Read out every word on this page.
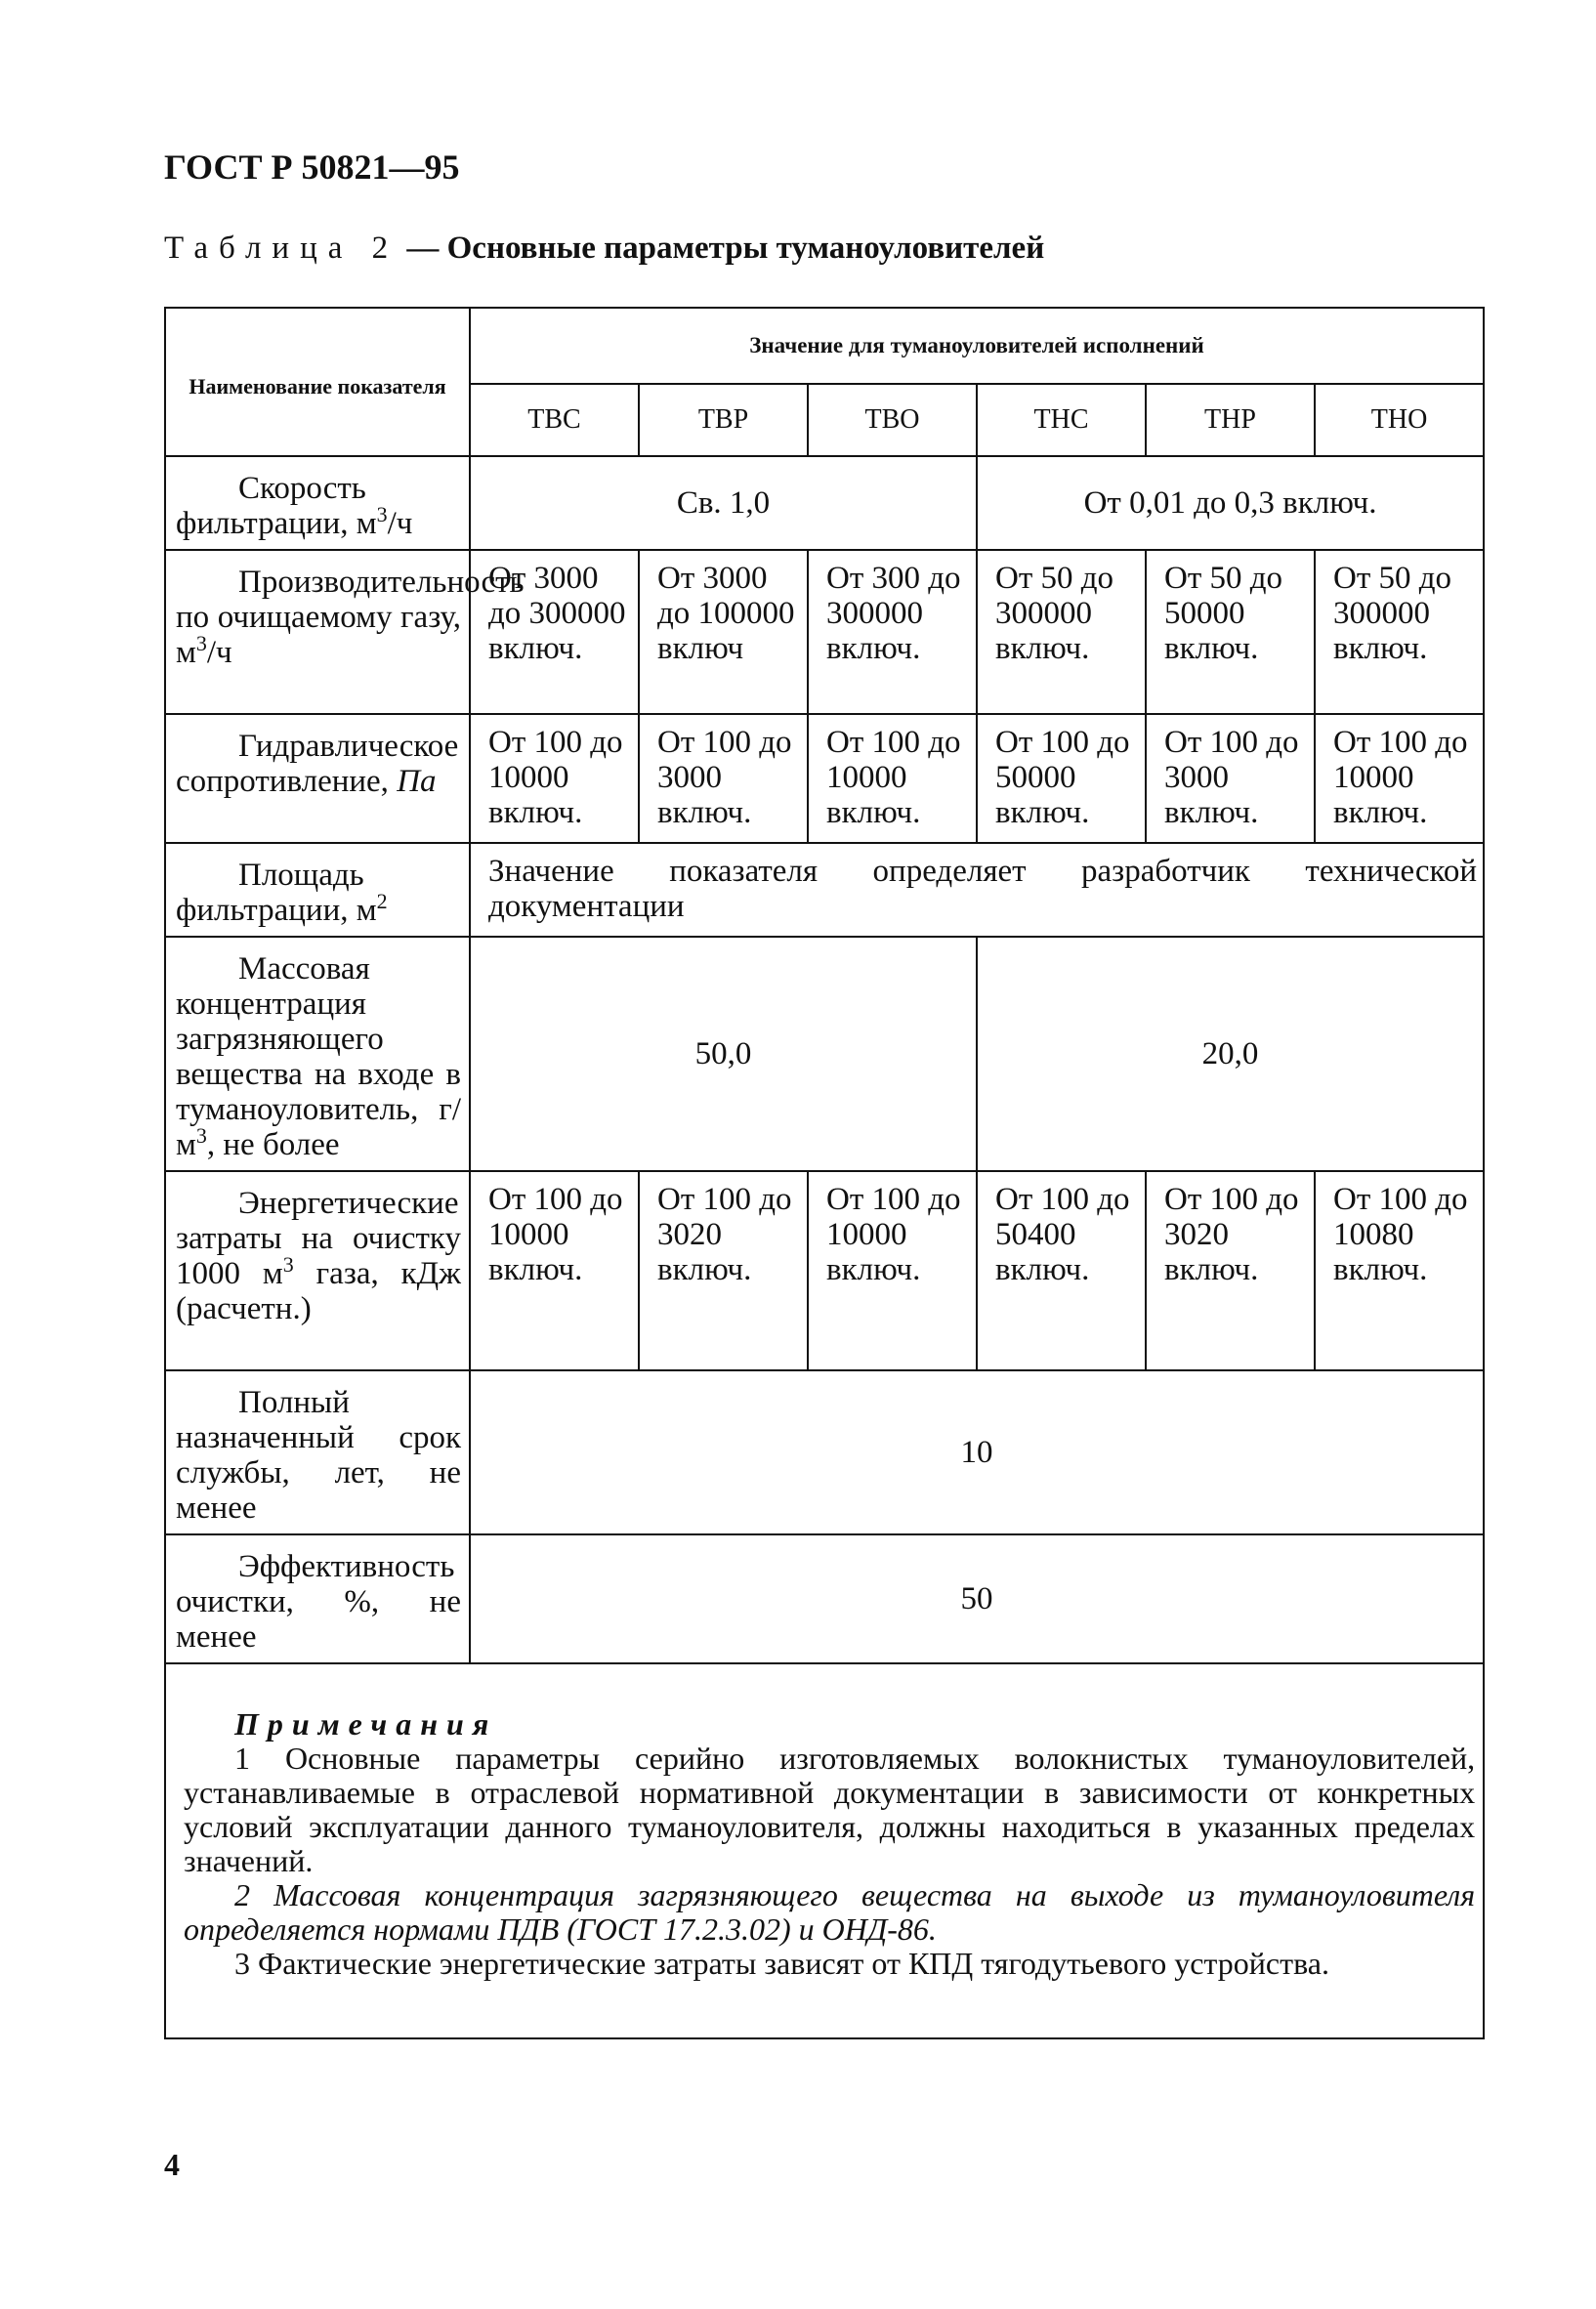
ГОСТ Р 50821—95
Таблица 2 — Основные параметры туманоуловителей
Наименование показателя	Значение для туманоуловителей исполнений					
	ТВС	ТВР	ТВО	ТНС	ТНР	ТНО

Скорость фильтрации, $м^3/ч$	Св. 1,0			От 0,01 до 0,3 включ.		

Производительность по очищаемому газу, $м^3/ч$	От 3000 до 300000 включ.	От 3000 до 100000 включ	От 300 до 300000 включ.	От 50 до 300000 включ.	От 50 до 50000 включ.	От 50 до 300000 включ.

Гидравлическое сопротивление, Па	От 100 до 10000 включ.	От 100 до 3000 включ.	От 100 до 10000 включ.	От 100 до 50000 включ.	От 100 до 3000 включ.	От 100 до 10000 включ.

Площадь фильтрации, $м^2$	Значение показателя определяет разработчик технической документации					

Массовая концентрация загрязняющего вещества на входе в туманоуловитель, $г/м^3$, не более	50,0			20,0		

Энергетические затраты на очистку 1000 $м^3$ газа, кДж (расчетн.)	От 100 до 10000 включ.	От 100 до 3020 включ.	От 100 до 10000 включ.	От 100 до 50400 включ.	От 100 до 3020 включ.	От 100 до 10080 включ.

Полный назначенный срок службы, лет, не менее	10					

Эффективность очистки, %, не менее	50					

Примечания
1 Основные параметры серийно изготовляемых волокнистых туманоуловителей, устанавливаемые в отраслевой нормативной документации в зависимости от конкретных условий эксплуатации данного туманоуловителя, должны находиться в указанных пределах значений.
2 Массовая концентрация загрязняющего вещества на выходе из туманоуловителя определяется нормами ПДВ (ГОСТ 17.2.3.02) и ОНД-86.
3 Фактические энергетические затраты зависят от КПД тягодутьевого устройства.						
4
